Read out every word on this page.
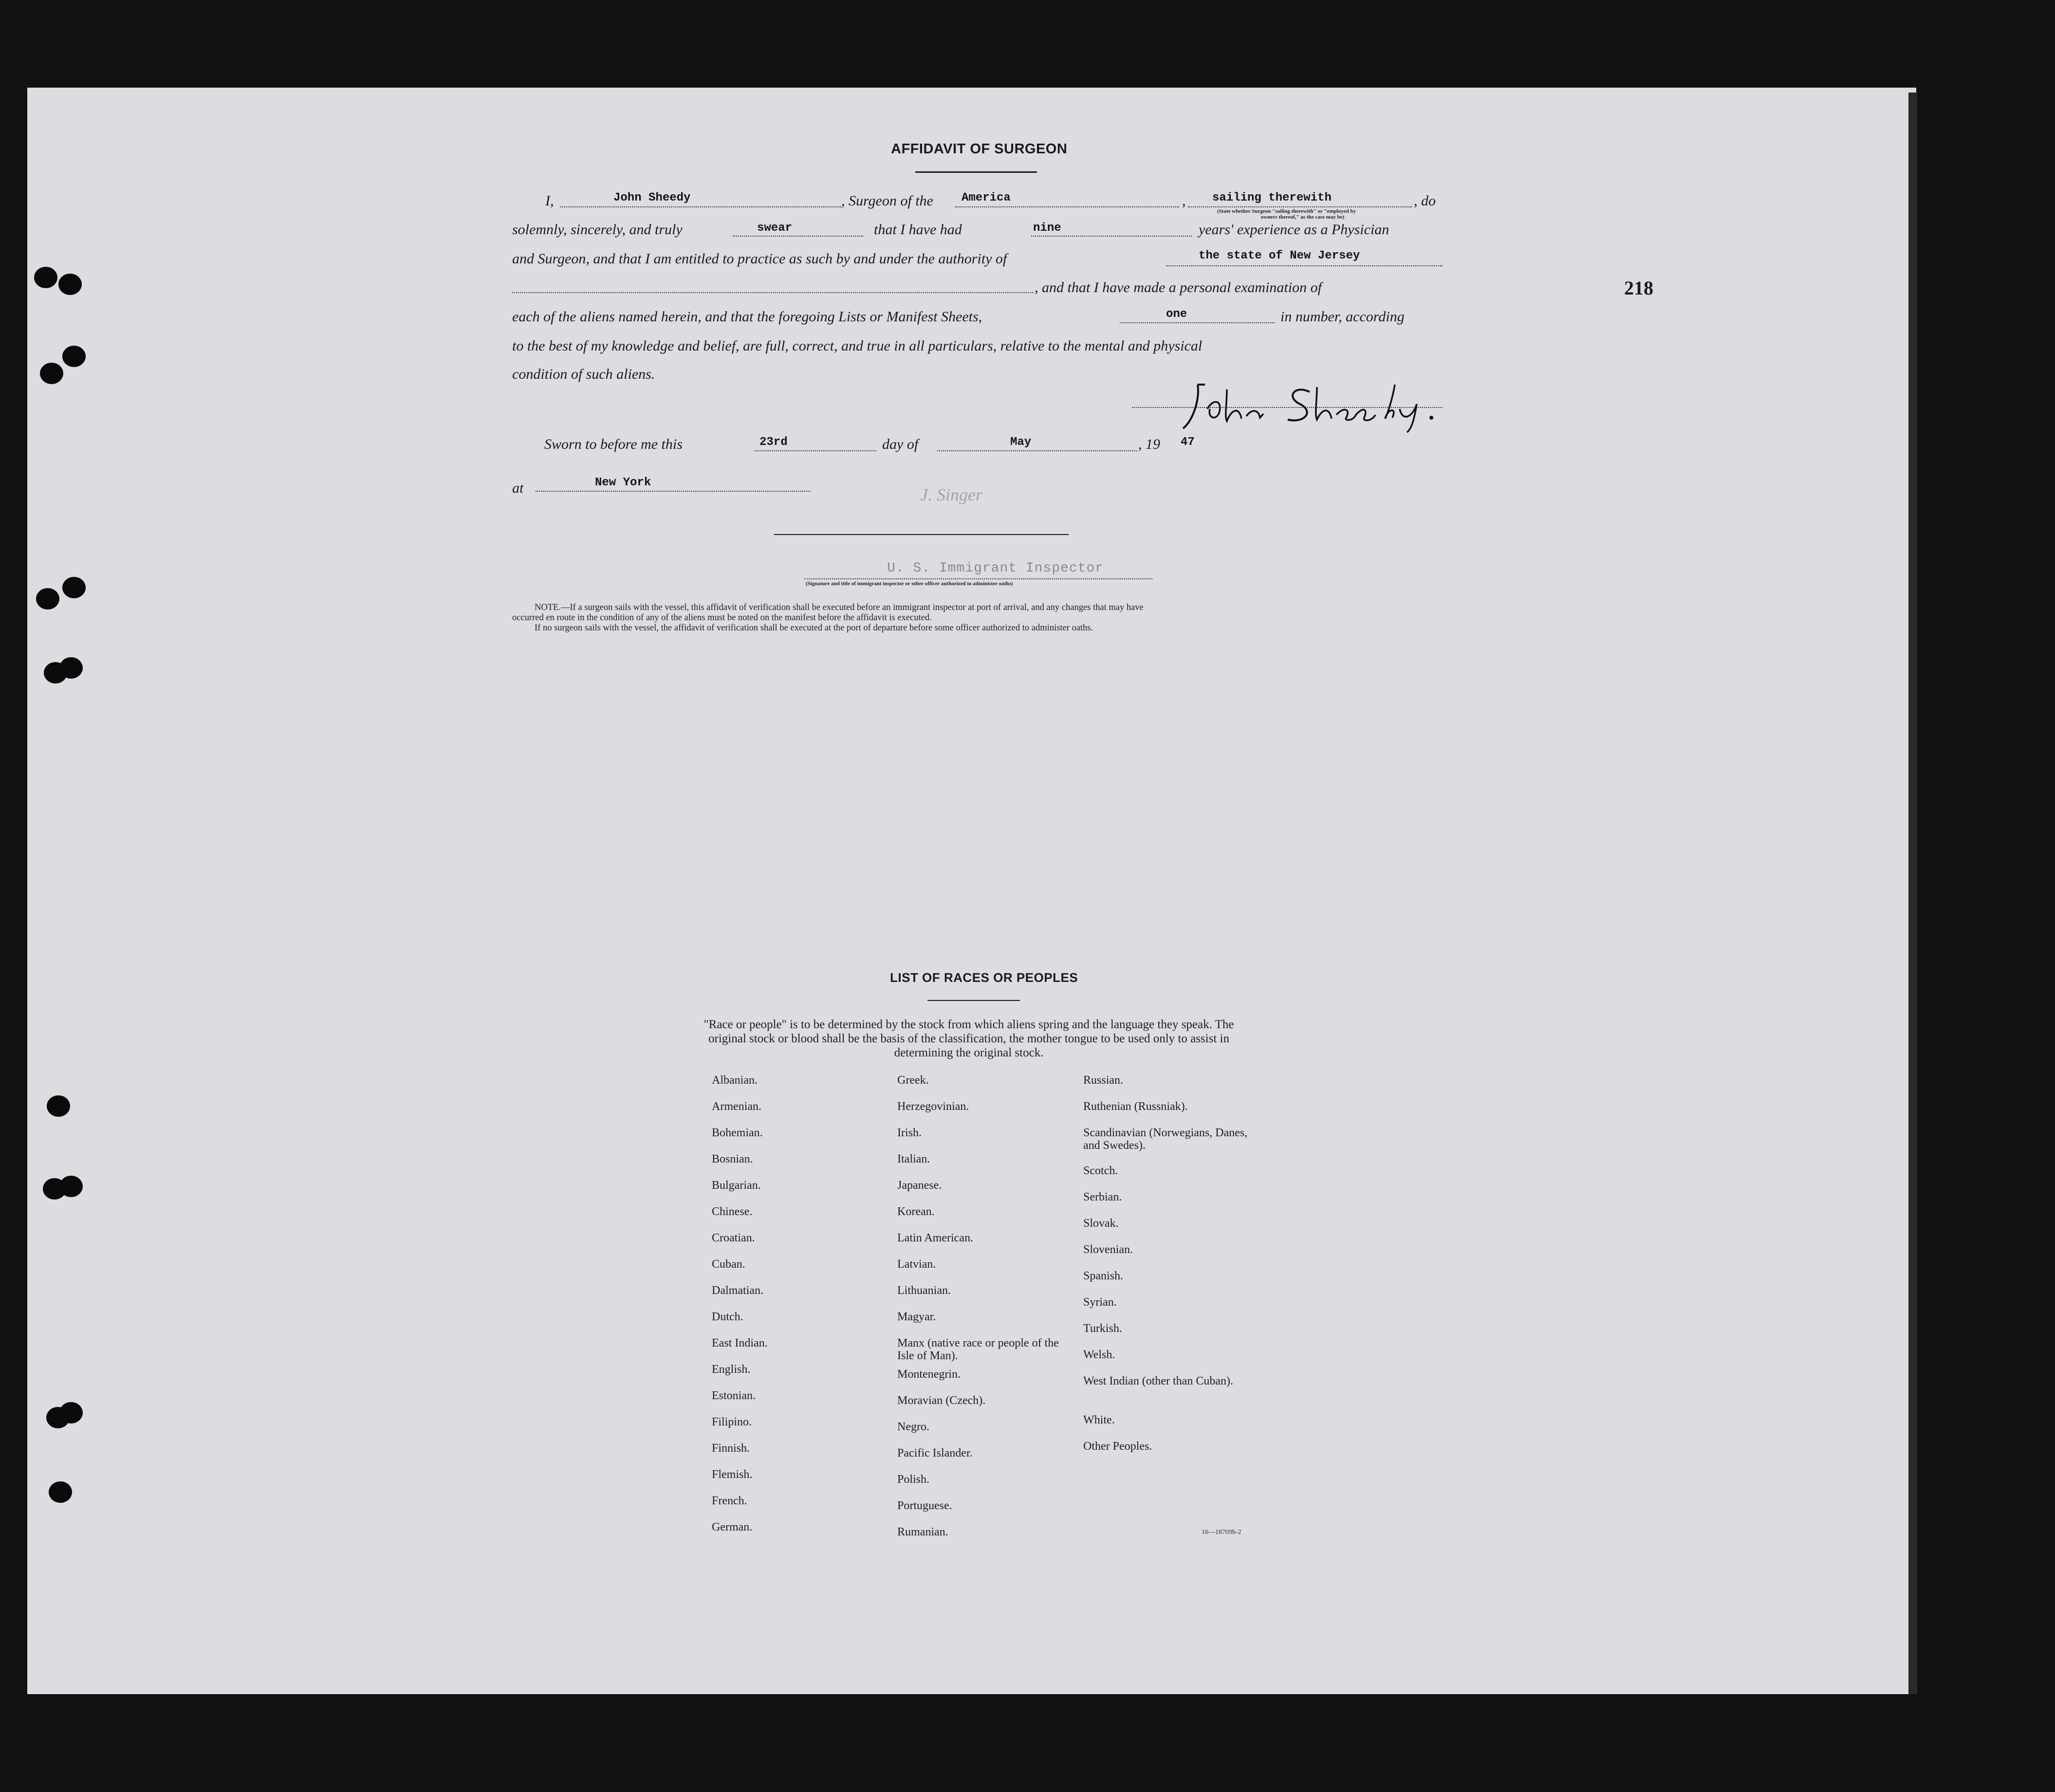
218
AFFIDAVIT OF SURGEON
I,	John Sheedy	, Surgeon of the America	, sailing therewith
(State whether Surgeon "sailing therewith" or "employed by
owners thereof," as the case may be)
, do
solemnly, sincerely, and truly	swear	that I have had	nine	years' experience as a Physician
and Surgeon, and that I am entitled to practice as such by and under the authority of	the state of New Jersey
, and that I have made a personal examination of
each of the aliens named herein, and that the foregoing Lists or Manifest Sheets,	one	in number, according
to the best of my knowledge and belief, are full, correct, and true in all particulars, relative to the mental and physical
condition of such aliens.
Sworn to before me this	23rd	day of	May	, 19 47
at	New York
J. Singer
U. S. Immigrant Inspector
(Signature and title of immigrant inspector or other officer authorized to administer oaths)
NOTE.—If a surgeon sails with the vessel, this affidavit of verification shall be executed before an immigrant inspector at port of arrival, and any changes that may have
occurred en route in the condition of any of the aliens must be noted on the manifest before the affidavit is executed.
If no surgeon sails with the vessel, the affidavit of verification shall be executed at the port of departure before some officer authorized to administer oaths.
LIST OF RACES OR PEOPLES
"Race or people" is to be determined by the stock from which aliens spring and the language they speak. The original stock or blood shall be the basis of the classification, the mother tongue to be used only to assist in determining the original stock.
Albanian.
Armenian.
Bohemian.
Bosnian.
Bulgarian.
Chinese.
Croatian.
Cuban.
Dalmatian.
Dutch.
East Indian.
English.
Estonian.
Filipino.
Finnish.
Flemish.
French.
German.
Greek.
Herzegovinian.
Irish.
Italian.
Japanese.
Korean.
Latin American.
Latvian.
Lithuanian.
Magyar.
Manx (native race or people of the Isle of Man).
Montenegrin.
Moravian (Czech).
Negro.
Pacific Islander.
Polish.
Portuguese.
Rumanian.
Russian.
Ruthenian (Russniak).
Scandinavian (Norwegians, Danes, and Swedes).
Scotch.
Serbian.
Slovak.
Slovenian.
Spanish.
Syrian.
Turkish.
Welsh.
West Indian (other than Cuban).
White.
Other Peoples.
16—18709b-2
